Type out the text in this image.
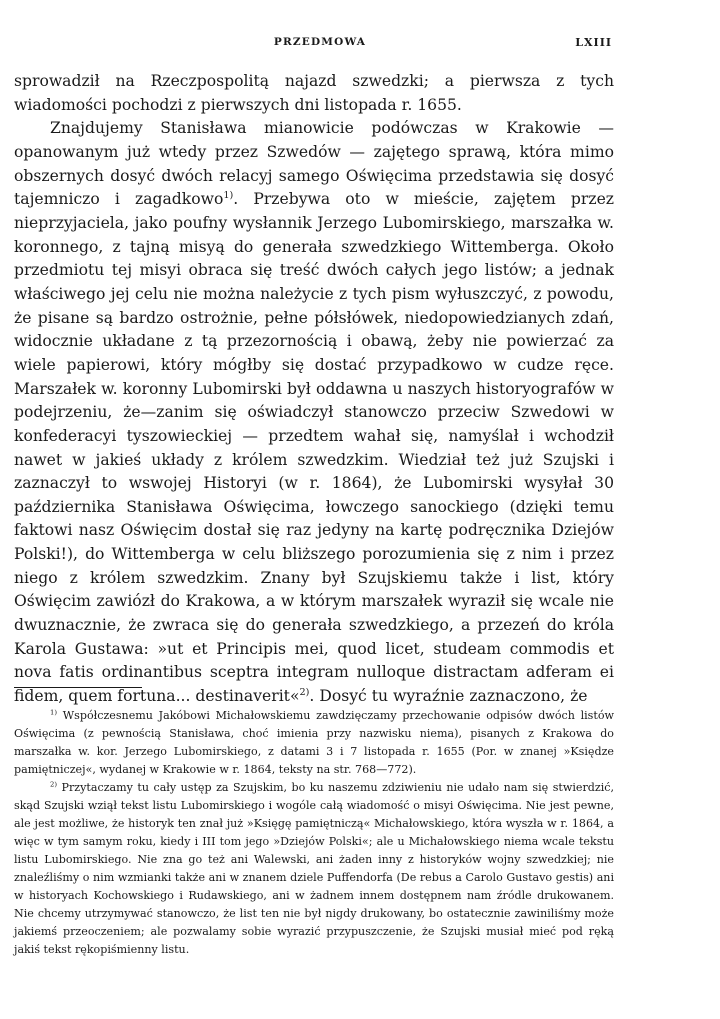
PRZEDMOWA	LXIII

sprowadził na Rzeczpospolitą najazd szwedzki; a pierwsza z tych wiadomości pochodzi z pierwszych dni listopada r. 1655.

Znajdujemy Stanisława mianowicie podówczas w Krakowie — opanowanym już wtedy przez Szwedów — zajętego sprawą, która mimo obszernych dosyć dwóch relacyj samego Oświęcima przedstawia się dosyć tajemniczo i zagadkowo$^{1)}$. Przebywa oto w mieście, zajętem przez nieprzyjaciela, jako poufny wysłannik Jerzego Lubomirskiego, marszałka w. koronnego, z tajną misyą do generała szwedzkiego Wittemberga. Około przedmiotu tej misyi obraca się treść dwóch całych jego listów; a jednak właściwego jej celu nie można należycie z tych pism wyłuszczyć, z powodu, że pisane są bardzo ostrożnie, pełne półsłówek, niedopowiedzianych zdań, widocznie układane z tą przezornością i obawą, żeby nie powierzać za wiele papierowi, który mógłby się dostać przypadkowo w cudze ręce. Marszałek w. koronny Lubomirski był oddawna u naszych historyografów w podejrzeniu, że—zanim się oświadczył stanowczo przeciw Szwedowi w konfederacyi tyszowieckiej — przedtem wahał się, namyślał i wchodził nawet w jakieś układy z królem szwedzkim. Wiedział też już Szujski i zaznaczył to wswojej Historyi (w r. 1864), że Lubomirski wysyłał 30 października Stanisława Oświęcima, łowczego sanockiego (dzięki temu faktowi nasz Oświęcim dostał się raz jedyny na kartę podręcznika Dziejów Polski!), do Wittemberga w celu bliższego porozumienia się z nim i przez niego z królem szwedzkim. Znany był Szujskiemu także i list, który Oświęcim zawiózł do Krakowa, a w którym marszałek wyraził się wcale nie dwuznacznie, że zwraca się do generała szwedzkiego, a przezeń do króla Karola Gustawa: »ut et Principis mei, quod licet, studeam commodis et nova fatis ordinantibus sceptra integram nulloque distractam adferam ei fidem, quem fortuna... destinaverit«$^{2)}$. Dosyć tu wyraźnie zaznaczono, że

$^{1)}$ Współczesnemu Jakóbowi Michałowskiemu zawdzięczamy przechowanie odpisów dwóch listów Oświęcima (z pewnością Stanisława, choć imienia przy nazwisku niema), pisanych z Krakowa do marszałka w. kor. Jerzego Lubomirskiego, z datami 3 i 7 listopada r. 1655 (Por. w znanej »Księdze pamiętniczej«, wydanej w Krakowie w r. 1864, teksty na str. 768—772).

$^{2)}$ Przytaczamy tu cały ustęp za Szujskim, bo ku naszemu zdziwieniu nie udało nam się stwierdzić, skąd Szujski wziął tekst listu Lubomirskiego i wogóle całą wiadomość o misyi Oświęcima. Nie jest pewne, ale jest możliwe, że historyk ten znał już »Księgę pamiętniczą« Michałowskiego, która wyszła w r. 1864, a więc w tym samym roku, kiedy i III tom jego »Dziejów Polski«; ale u Michałowskiego niema wcale tekstu listu Lubomirskiego. Nie zna go też ani Walewski, ani żaden inny z historyków wojny szwedzkiej; nie znaleźliśmy o nim wzmianki także ani w znanem dziele Puffendorfa (De rebus a Carolo Gustavo gestis) ani w historyach Kochowskiego i Rudawskiego, ani w żadnem innem dostępnem nam źródle drukowanem. Nie chcemy utrzymywać stanowczo, że list ten nie był nigdy drukowany, bo ostatecznie zawiniliśmy może jakiemś przeoczeniem; ale pozwalamy sobie wyrazić przypuszczenie, że Szujski musiał mieć pod ręką jakiś tekst rękopiśmienny listu.
